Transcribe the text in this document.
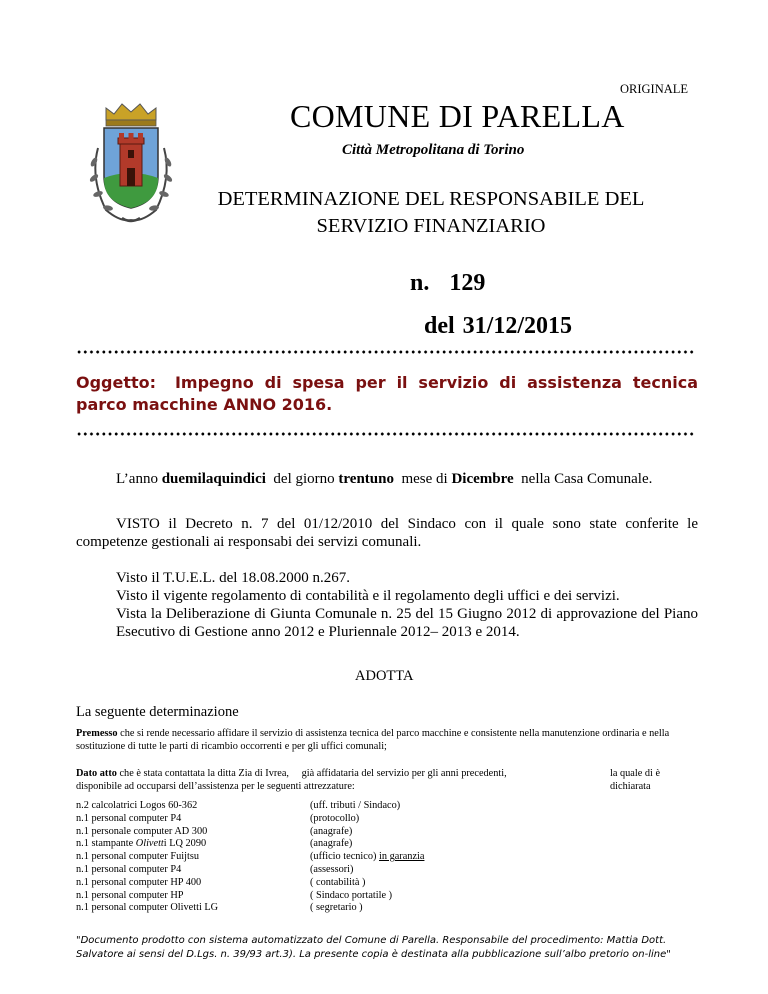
ORIGINALE
COMUNE DI PARELLA
Città Metropolitana di Torino
DETERMINAZIONE DEL RESPONSABILE DEL
SERVIZIO FINANZIARIO
n. 129
del 31/12/2015
Oggetto: Impegno di spesa per il servizio di assistenza tecnica parco macchine ANNO 2016.
L’anno duemilaquindici del giorno trentuno mese di Dicembre nella Casa Comunale.
VISTO il Decreto n. 7 del 01/12/2010 del Sindaco con il quale sono state conferite le competenze gestionali ai responsabi dei servizi comunali.
Visto il T.U.E.L. del 18.08.2000 n.267.
Visto il vigente regolamento di contabilità e il regolamento degli uffici e dei servizi.
Vista la Deliberazione di Giunta Comunale n. 25 del 15 Giugno 2012 di approvazione del Piano Esecutivo di Gestione anno 2012 e Pluriennale 2012– 2013 e 2014.
ADOTTA
La seguente determinazione
Premesso che si rende necessario affidare il servizio di assistenza tecnica del parco macchine e consistente nella manutenzione ordinaria e nella sostituzione di tutte le parti di ricambio occorrenti e per gli uffici comunali;
Dato atto che è stata contattata la ditta Zia di Ivrea, già affidataria del servizio per gli anni precedenti,	la quale di è dichiarata
disponibile ad occuparsi dell’assistenza per le seguenti attrezzature:
n.2 calcolatrici Logos 60-362	(uff. tributi / Sindaco)
n.1 personal computer P4	(protocollo)
n.1 personale computer AD 300	(anagrafe)
n.1 stampante Olivetti LQ 2090	(anagrafe)
n.1 personal computer Fuijtsu	(ufficio tecnico) in garanzia
n.1 personal computer P4	(assessori)
n.1 personal computer HP 400	( contabilità )
n.1 personal computer HP	( Sindaco portatile )
n.1 personal computer Olivetti LG	( segretario )
"Documento prodotto con sistema automatizzato del Comune di Parella. Responsabile del procedimento: Mattia Dott. Salvatore ai sensi del D.Lgs. n. 39/93 art.3). La presente copia è destinata alla pubblicazione sull’albo pretorio on-line"
